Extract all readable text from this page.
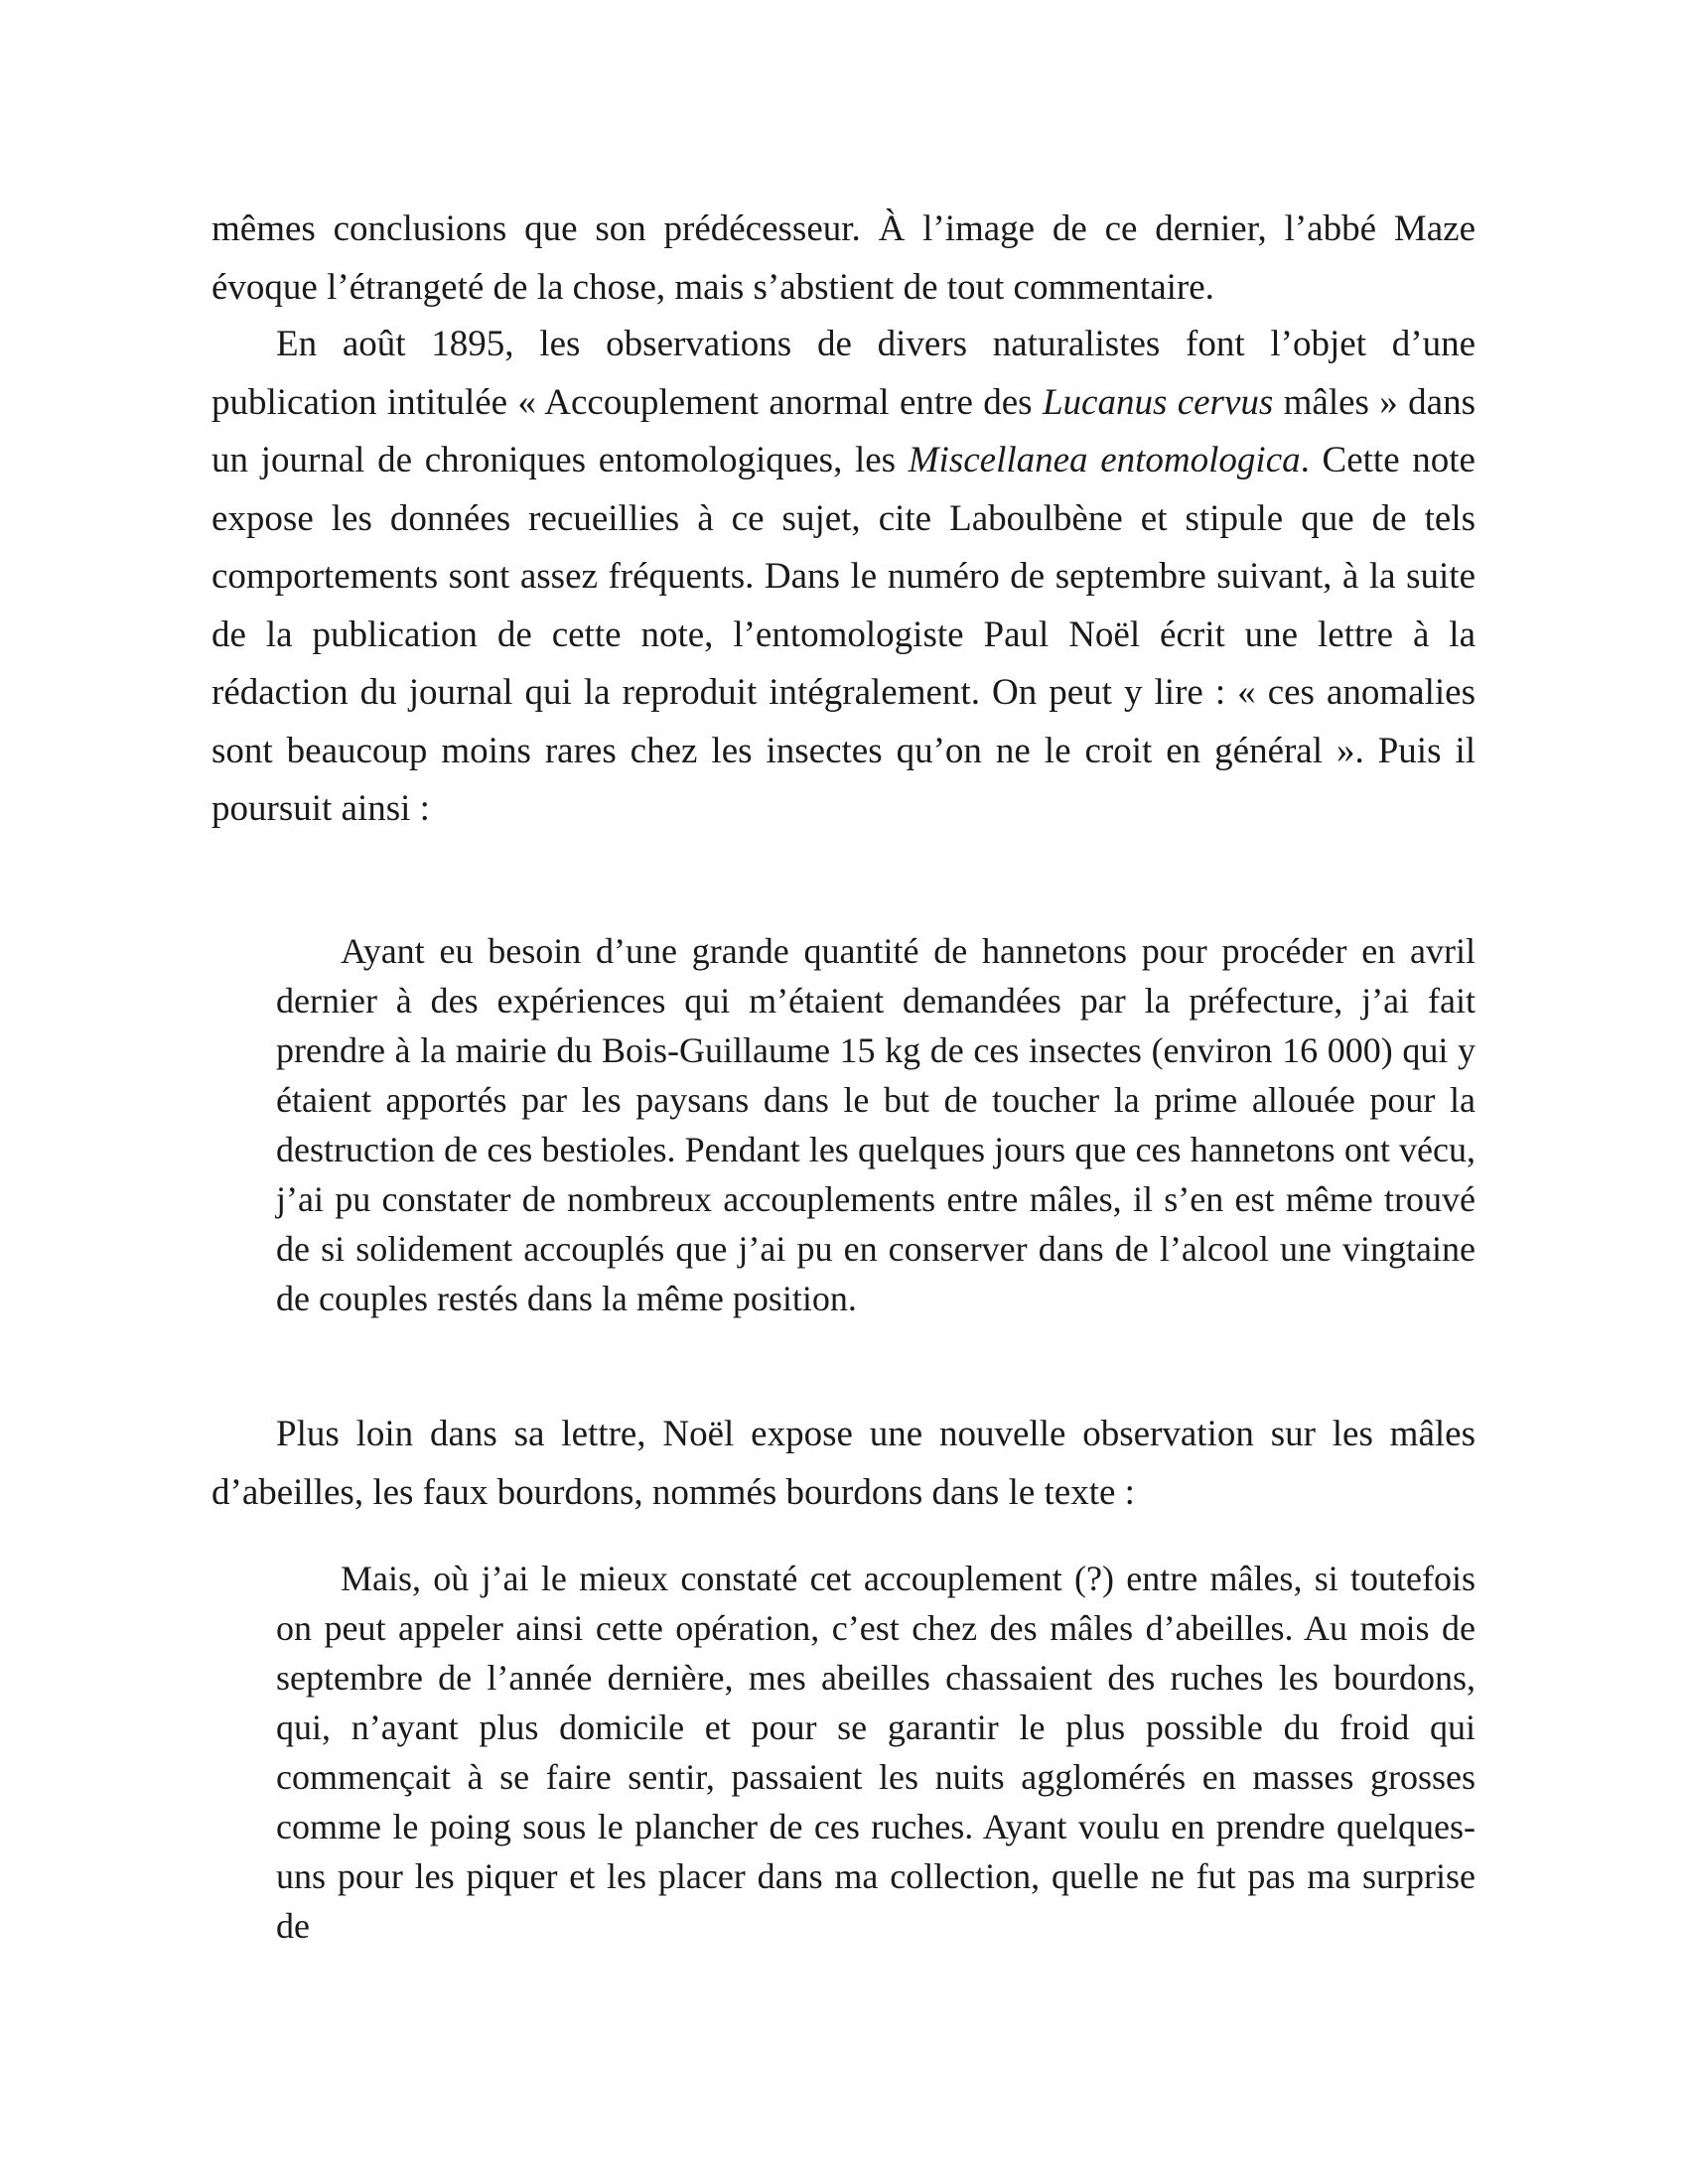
mêmes conclusions que son prédécesseur. À l’image de ce dernier, l’abbé Maze évoque l’étrangeté de la chose, mais s’abstient de tout commentaire.

En août 1895, les observations de divers naturalistes font l’objet d’une publication intitulée « Accouplement anormal entre des Lucanus cervus mâles » dans un journal de chroniques entomologiques, les Miscellanea entomologica. Cette note expose les données recueillies à ce sujet, cite Laboulbène et stipule que de tels comportements sont assez fréquents. Dans le numéro de septembre suivant, à la suite de la publication de cette note, l’entomologiste Paul Noël écrit une lettre à la rédaction du journal qui la reproduit intégralement. On peut y lire : « ces anomalies sont beaucoup moins rares chez les insectes qu’on ne le croit en général ». Puis il poursuit ainsi :

Ayant eu besoin d’une grande quantité de hannetons pour procéder en avril dernier à des expériences qui m’étaient demandées par la préfecture, j’ai fait prendre à la mairie du Bois-Guillaume 15 kg de ces insectes (environ 16 000) qui y étaient apportés par les paysans dans le but de toucher la prime allouée pour la destruction de ces bestioles. Pendant les quelques jours que ces hannetons ont vécu, j’ai pu constater de nombreux accouplements entre mâles, il s’en est même trouvé de si solidement accouplés que j’ai pu en conserver dans de l’alcool une vingtaine de couples restés dans la même position.

Plus loin dans sa lettre, Noël expose une nouvelle observation sur les mâles d’abeilles, les faux bourdons, nommés bourdons dans le texte :

Mais, où j’ai le mieux constaté cet accouplement (?) entre mâles, si toutefois on peut appeler ainsi cette opération, c’est chez des mâles d’abeilles. Au mois de septembre de l’année dernière, mes abeilles chassaient des ruches les bourdons, qui, n’ayant plus domicile et pour se garantir le plus possible du froid qui commençait à se faire sentir, passaient les nuits agglomérés en masses grosses comme le poing sous le plancher de ces ruches. Ayant voulu en prendre quelques-uns pour les piquer et les placer dans ma collection, quelle ne fut pas ma surprise de
